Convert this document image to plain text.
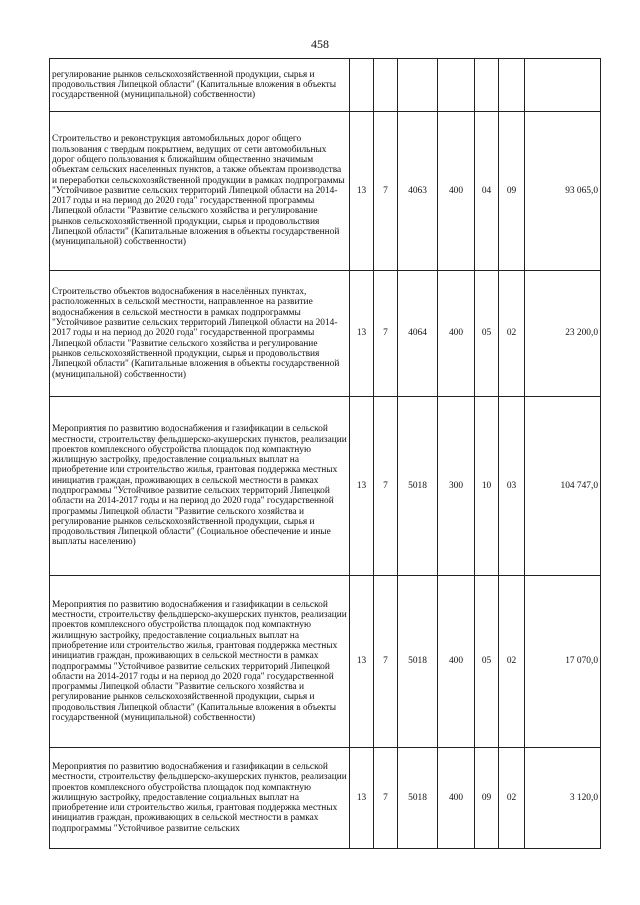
458
регулирование рынков сельскохозяйственной продукции, сырья и продовольствия Липецкой области" (Капитальные вложения в объекты государственной (муниципальной) собственности)							
Строительство и реконструкция автомобильных дорог общего пользования с твердым покрытием, ведущих от сети автомобильных дорог общего пользования к ближайшим общественно значимым объектам сельских населенных пунктов, а также объектам производства и переработки сельскохозяйственной продукции в рамках подпрограммы "Устойчивое развитие сельских территорий Липецкой области на 2014-2017 годы и на период до 2020 года" государственной программы Липецкой области "Развитие сельского хозяйства и регулирование рынков сельскохозяйственной продукции, сырья и продовольствия Липецкой области" (Капитальные вложения в объекты государственной (муниципальной) собственности)	13	7	4063	400	04	09	93 065,0
Строительство объектов водоснабжения в населённых пунктах, расположенных в сельской местности, направленное на развитие водоснабжения в сельской местности в рамках подпрограммы "Устойчивое развитие сельских территорий Липецкой области на 2014-2017 годы и на период до 2020 года" государственной программы Липецкой области "Развитие сельского хозяйства и регулирование рынков сельскохозяйственной продукции, сырья и продовольствия Липецкой области" (Капитальные вложения в объекты государственной (муниципальной) собственности)	13	7	4064	400	05	02	23 200,0
Мероприятия по развитию водоснабжения и газификации в сельской местности, строительству фельдшерско-акушерских пунктов, реализации проектов комплексного обустройства площадок под компактную жилищную застройку, предоставление социальных выплат на приобретение или строительство жилья, грантовая поддержка местных инициатив граждан, проживающих в сельской местности в рамках подпрограммы "Устойчивое развитие сельских территорий Липецкой области на 2014-2017 годы и на период до 2020 года" государственной программы Липецкой области "Развитие сельского хозяйства и регулирование рынков сельскохозяйственной продукции, сырья и продовольствия Липецкой области" (Социальное обеспечение и иные выплаты населению)	13	7	5018	300	10	03	104 747,0
Мероприятия по развитию водоснабжения и газификации в сельской местности, строительству фельдшерско-акушерских пунктов, реализации проектов комплексного обустройства площадок под компактную жилищную застройку, предоставление социальных выплат на приобретение или строительство жилья, грантовая поддержка местных инициатив граждан, проживающих в сельской местности в рамках подпрограммы "Устойчивое развитие сельских территорий Липецкой области на 2014-2017 годы и на период до 2020 года" государственной программы Липецкой области "Развитие сельского хозяйства и регулирование рынков сельскохозяйственной продукции, сырья и продовольствия Липецкой области" (Капитальные вложения в объекты государственной (муниципальной) собственности)	13	7	5018	400	05	02	17 070,0
Мероприятия по развитию водоснабжения и газификации в сельской местности, строительству фельдшерско-акушерских пунктов, реализации проектов комплексного обустройства площадок под компактную жилищную застройку, предоставление социальных выплат на приобретение или строительство жилья, грантовая поддержка местных инициатив граждан, проживающих в сельской местности в рамках подпрограммы "Устойчивое развитие сельских	13	7	5018	400	09	02	3 120,0
